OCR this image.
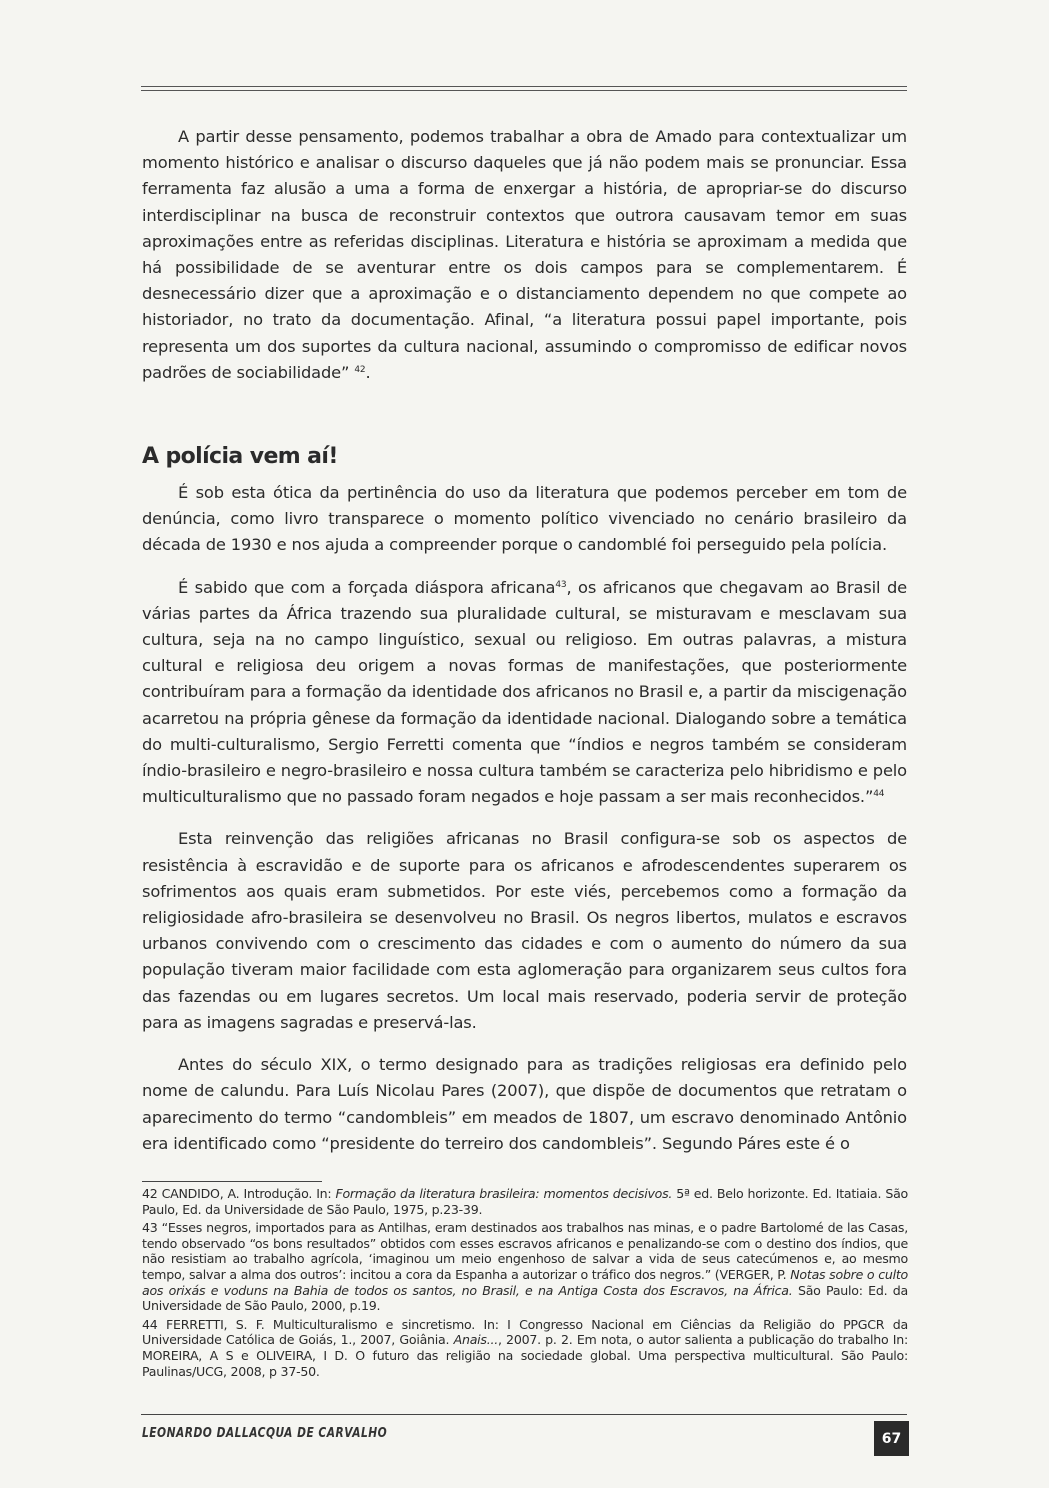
A partir desse pensamento, podemos trabalhar a obra de Amado para contextualizar um momento histórico e analisar o discurso daqueles que já não podem mais se pronunciar. Essa ferramenta faz alusão a uma a forma de enxergar a história, de apropriar-se do discurso interdisciplinar na busca de reconstruir contextos que outrora causavam temor em suas aproximações entre as referidas disciplinas. Literatura e história se aproximam a medida que há possibilidade de se aventurar entre os dois campos para se complementarem. É desnecessário dizer que a aproximação e o distanciamento dependem no que compete ao historiador, no trato da documentação. Afinal, “a literatura possui papel importante, pois representa um dos suportes da cultura nacional, assumindo o compromisso de edificar novos padrões de sociabilidade” $^{42}$.

A polícia vem aí!

É sob esta ótica da pertinência do uso da literatura que podemos perceber em tom de denúncia, como livro transparece o momento político vivenciado no cenário brasileiro da década de 1930 e nos ajuda a compreender porque o candomblé foi perseguido pela polícia.

É sabido que com a forçada diáspora africana$^{43}$, os africanos que chegavam ao Brasil de várias partes da África trazendo sua pluralidade cultural, se misturavam e mesclavam sua cultura, seja na no campo linguístico, sexual ou religioso. Em outras palavras, a mistura cultural e religiosa deu origem a novas formas de manifestações, que posteriormente contribuíram para a formação da identidade dos africanos no Brasil e, a partir da miscigenação acarretou na própria gênese da formação da identidade nacional. Dialogando sobre a temática do multi-culturalismo, Sergio Ferretti comenta que “índios e negros também se consideram índio-brasileiro e negro-brasileiro e nossa cultura também se caracteriza pelo hibridismo e pelo multiculturalismo que no passado foram negados e hoje passam a ser mais reconhecidos.”$^{44}$

Esta reinvenção das religiões africanas no Brasil configura-se sob os aspectos de resistência à escravidão e de suporte para os africanos e afrodescendentes superarem os sofrimentos aos quais eram submetidos. Por este viés, percebemos como a formação da religiosidade afro-brasileira se desenvolveu no Brasil. Os negros libertos, mulatos e escravos urbanos convivendo com o crescimento das cidades e com o aumento do número da sua população tiveram maior facilidade com esta aglomeração para organizarem seus cultos fora das fazendas ou em lugares secretos. Um local mais reservado, poderia servir de proteção para as imagens sagradas e preservá-las.

Antes do século XIX, o termo designado para as tradições religiosas era definido pelo nome de calundu. Para Luís Nicolau Pares (2007), que dispõe de documentos que retratam o aparecimento do termo “candombleis” em meados de 1807, um escravo denominado Antônio era identificado como “presidente do terreiro dos candombleis”. Segundo Páres este é o

42 CANDIDO, A. Introdução. In: Formação da literatura brasileira: momentos decisivos. 5ª ed. Belo horizonte. Ed. Itatiaia. São Paulo, Ed. da Universidade de São Paulo, 1975, p.23-39.

43 “Esses negros, importados para as Antilhas, eram destinados aos trabalhos nas minas, e o padre Bartolomé de las Casas, tendo observado “os bons resultados” obtidos com esses escravos africanos e penalizando-se com o destino dos índios, que não resistiam ao trabalho agrícola, ‘imaginou um meio engenhoso de salvar a vida de seus catecúmenos e, ao mesmo tempo, salvar a alma dos outros’: incitou a cora da Espanha a autorizar o tráfico dos negros.” (VERGER, P. Notas sobre o culto aos orixás e voduns na Bahia de todos os santos, no Brasil, e na Antiga Costa dos Escravos, na África. São Paulo: Ed. da Universidade de São Paulo, 2000, p.19.

44 FERRETTI, S. F. Multiculturalismo e sincretismo. In: I Congresso Nacional em Ciências da Religião do PPGCR da Universidade Católica de Goiás, 1., 2007, Goiânia. Anais..., 2007. p. 2. Em nota, o autor salienta a publicação do trabalho In: MOREIRA, A S e OLIVEIRA, I D. O futuro das religião na sociedade global. Uma perspectiva multicultural. São Paulo: Paulinas/UCG, 2008, p 37-50.

LEONARDO DALLACQUA DE CARVALHO	67
